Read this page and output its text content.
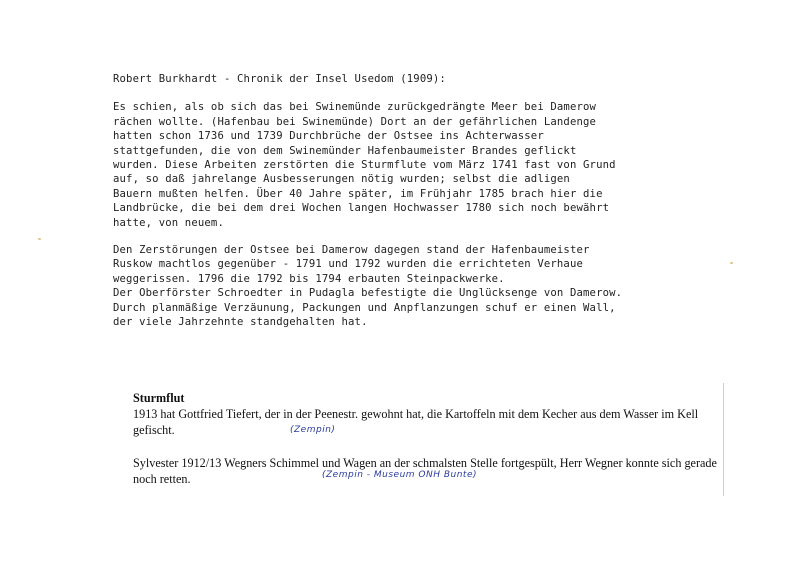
Robert Burkhardt - Chronik der Insel Usedom (1909):

Es schien, als ob sich das bei Swinemünde zurückgedrängte Meer bei Damerow
rächen wollte. (Hafenbau bei Swinemünde) Dort an der gefährlichen Landenge
hatten schon 1736 und 1739 Durchbrüche der Ostsee ins Achterwasser
stattgefunden, die von dem Swinemünder Hafenbaumeister Brandes geflickt
wurden. Diese Arbeiten zerstörten die Sturmflute vom März 1741 fast von Grund
auf, so daß jahrelange Ausbesserungen nötig wurden; selbst die adligen
Bauern mußten helfen. Über 40 Jahre später, im Frühjahr 1785 brach hier die
Landbrücke, die bei dem drei Wochen langen Hochwasser 1780 sich noch bewährt
hatte, von neuem.

Den Zerstörungen der Ostsee bei Damerow dagegen stand der Hafenbaumeister
Ruskow machtlos gegenüber - 1791 und 1792 wurden die errichteten Verhaue
weggerissen. 1796 die 1792 bis 1794 erbauten Steinpackwerke.
Der Oberförster Schroedter in Pudagla befestigte die Unglücksenge von Damerow.
Durch planmäßige Verzäunung, Packungen und Anpflanzungen schuf er einen Wall,
der viele Jahrzehnte standgehalten hat.

Sturmflut
1913 hat Gottfried Tiefert, der in der Peenestr. gewohnt hat, die Kartoffeln mit dem Kecher aus dem Wasser im Kell gefischt.
Sylvester 1912/13 Wegners Schimmel und Wagen an der schmalsten Stelle fortgespült, Herr Wegner konnte sich gerade noch retten.
(Zempin)
(Zempin - Museum ONH Bunte)
